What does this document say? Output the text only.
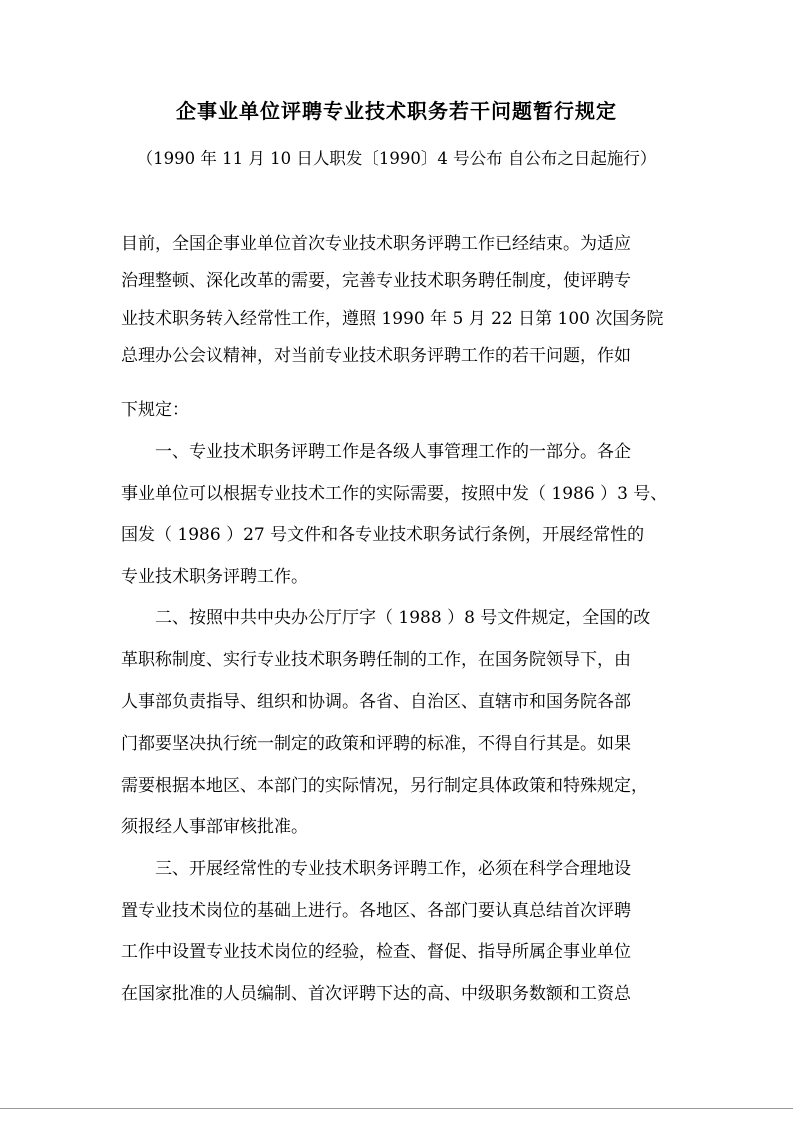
企事业单位评聘专业技术职务若干问题暂行规定
（1990 年 11 月 10 日人职发〔1990〕4 号公布 自公布之日起施行）
目前，全国企事业单位首次专业技术职务评聘工作已经结束。为适应
治理整顿、深化改革的需要，完善专业技术职务聘任制度，使评聘专
业技术职务转入经常性工作，遵照 1990 年 5 月 22 日第 100 次国务院
总理办公会议精神，对当前专业技术职务评聘工作的若干问题，作如
下规定：
一、专业技术职务评聘工作是各级人事管理工作的一部分。各企
事业单位可以根据专业技术工作的实际需要，按照中发（ 1986 ）3 号、
国发（ 1986 ）27 号文件和各专业技术职务试行条例，开展经常性的
专业技术职务评聘工作。
二、按照中共中央办公厅厅字（ 1988 ）8 号文件规定，全国的改
革职称制度、实行专业技术职务聘任制的工作，在国务院领导下，由
人事部负责指导、组织和协调。各省、自治区、直辖市和国务院各部
门都要坚决执行统一制定的政策和评聘的标准，不得自行其是。如果
需要根据本地区、本部门的实际情况，另行制定具体政策和特殊规定，
须报经人事部审核批准。
三、开展经常性的专业技术职务评聘工作，必须在科学合理地设
置专业技术岗位的基础上进行。各地区、各部门要认真总结首次评聘
工作中设置专业技术岗位的经验，检查、督促、指导所属企事业单位
在国家批准的人员编制、首次评聘下达的高、中级职务数额和工资总
